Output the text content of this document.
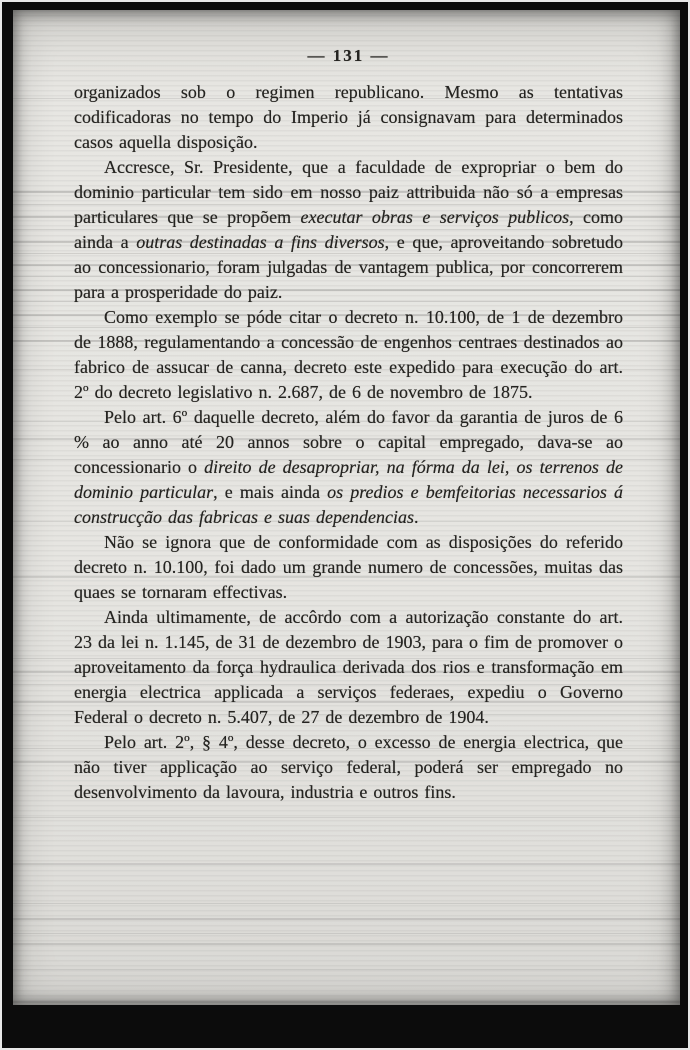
— 131 —

organizados sob o regimen republicano. Mesmo as tentativas codificadoras no tempo do Imperio já consignavam para determinados casos aquella disposição.

Accresce, Sr. Presidente, que a faculdade de expropriar o bem do dominio particular tem sido em nosso paiz attribuida não só a empresas particulares que se propõem executar obras e serviços publicos, como ainda a outras destinadas a fins diversos, e que, aproveitando sobretudo ao concessionario, foram julgadas de vantagem publica, por concorrerem para a prosperidade do paiz.

Como exemplo se póde citar o decreto n. 10.100, de 1 de dezembro de 1888, regulamentando a concessão de engenhos centraes destinados ao fabrico de assucar de canna, decreto este expedido para execução do art. 2º do decreto legislativo n. 2.687, de 6 de novembro de 1875.

Pelo art. 6º daquelle decreto, além do favor da garantia de juros de 6 % ao anno até 20 annos sobre o capital empregado, dava-se ao concessionario o direito de desapropriar, na fórma da lei, os terrenos de dominio particular, e mais ainda os predios e bemfeitorias necessarios á construcção das fabricas e suas dependencias.

Não se ignora que de conformidade com as disposições do referido decreto n. 10.100, foi dado um grande numero de concessões, muitas das quaes se tornaram effectivas.

Ainda ultimamente, de accôrdo com a autorização constante do art. 23 da lei n. 1.145, de 31 de dezembro de 1903, para o fim de promover o aproveitamento da força hydraulica derivada dos rios e transformação em energia electrica applicada a serviços federaes, expediu o Governo Federal o decreto n. 5.407, de 27 de dezembro de 1904.

Pelo art. 2º, § 4º, desse decreto, o excesso de energia electrica, que não tiver applicação ao serviço federal, poderá ser empregado no desenvolvimento da lavoura, industria e outros fins.
